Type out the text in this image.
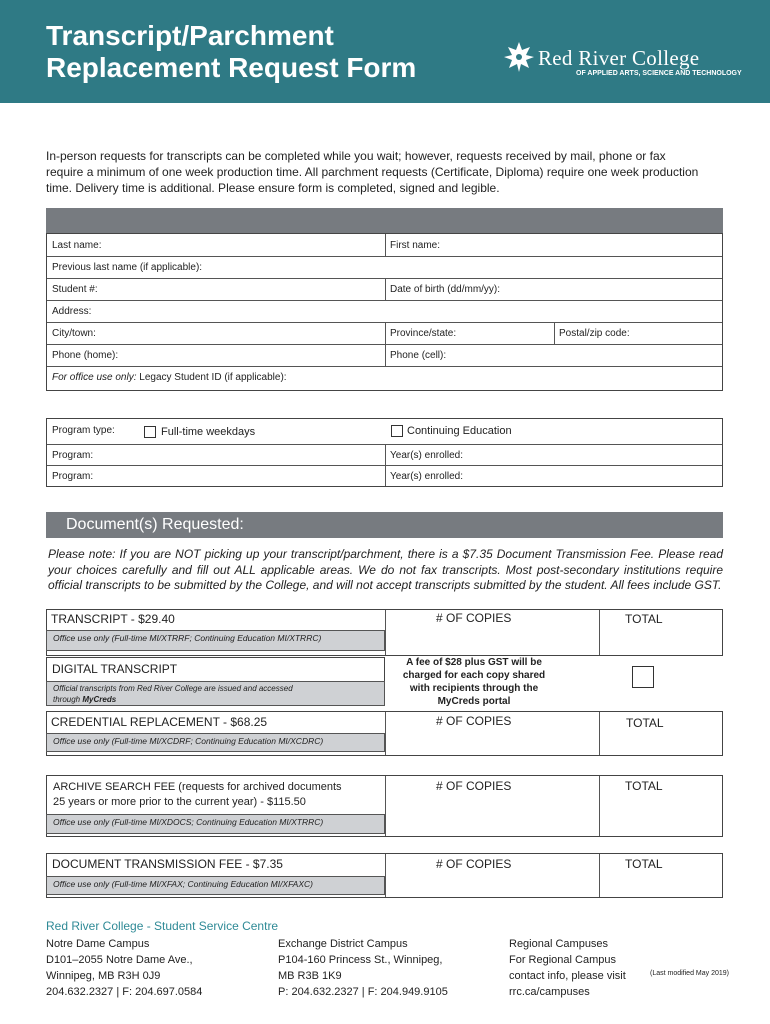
Transcript/Parchment
Replacement Request Form	Red River College
OF APPLIED ARTS, SCIENCE AND TECHNOLOGY
In-person requests for transcripts can be completed while you wait; however, requests received by mail, phone or fax require a minimum of one week production time. All parchment requests (Certificate, Diploma) require one week production time. Delivery time is additional. Please ensure form is completed, signed and legible.
Last name:	First name:
Previous last name (if applicable):
Student #:	Date of birth (dd/mm/yy):
Address:
City/town:	Province/state:	Postal/zip code:
Phone (home):	Phone (cell):
For office use only: Legacy Student ID (if applicable):
Program type:	Full-time weekdays	Continuing Education
Program:	Year(s) enrolled:
Program:	Year(s) enrolled:
Document(s) Requested:
Please note: If you are NOT picking up your transcript/parchment, there is a $7.35 Document Transmission Fee. Please read your choices carefully and fill out ALL applicable areas. We do not fax transcripts. Most post-secondary institutions require official transcripts to be submitted by the College, and will not accept transcripts submitted by the student. All fees include GST.
TRANSCRIPT - $29.40	# OF COPIES	TOTAL
Office use only (Full-time MI/XTRRF; Continuing Education MI/XTRRC)
DIGITAL TRANSCRIPT
Official transcripts from Red River College are issued and accessed
through MyCreds
A fee of $28 plus GST will be charged for each copy shared with recipients through the MyCreds portal
CREDENTIAL REPLACEMENT - $68.25	# OF COPIES	TOTAL
Office use only (Full-time MI/XCDRF; Continuing Education MI/XCDRC)
ARCHIVE SEARCH FEE (requests for archived documents
25 years or more prior to the current year) - $115.50
# OF COPIES	TOTAL
Office use only (Full-time MI/XDOCS; Continuing Education MI/XTRRC)
DOCUMENT TRANSMISSION FEE - $7.35	# OF COPIES	TOTAL
Office use only (Full-time MI/XFAX; Continuing Education MI/XFAXC)
Red River College - Student Service Centre
Notre Dame Campus
D101–2055 Notre Dame Ave.,
Winnipeg, MB R3H 0J9
204.632.2327 | F: 204.697.0584
Exchange District Campus
P104-160 Princess St., Winnipeg,
MB R3B 1K9
P: 204.632.2327 | F: 204.949.9105
Regional Campuses
For Regional Campus
contact info, please visit
rrc.ca/campuses
(Last modified May 2019)
